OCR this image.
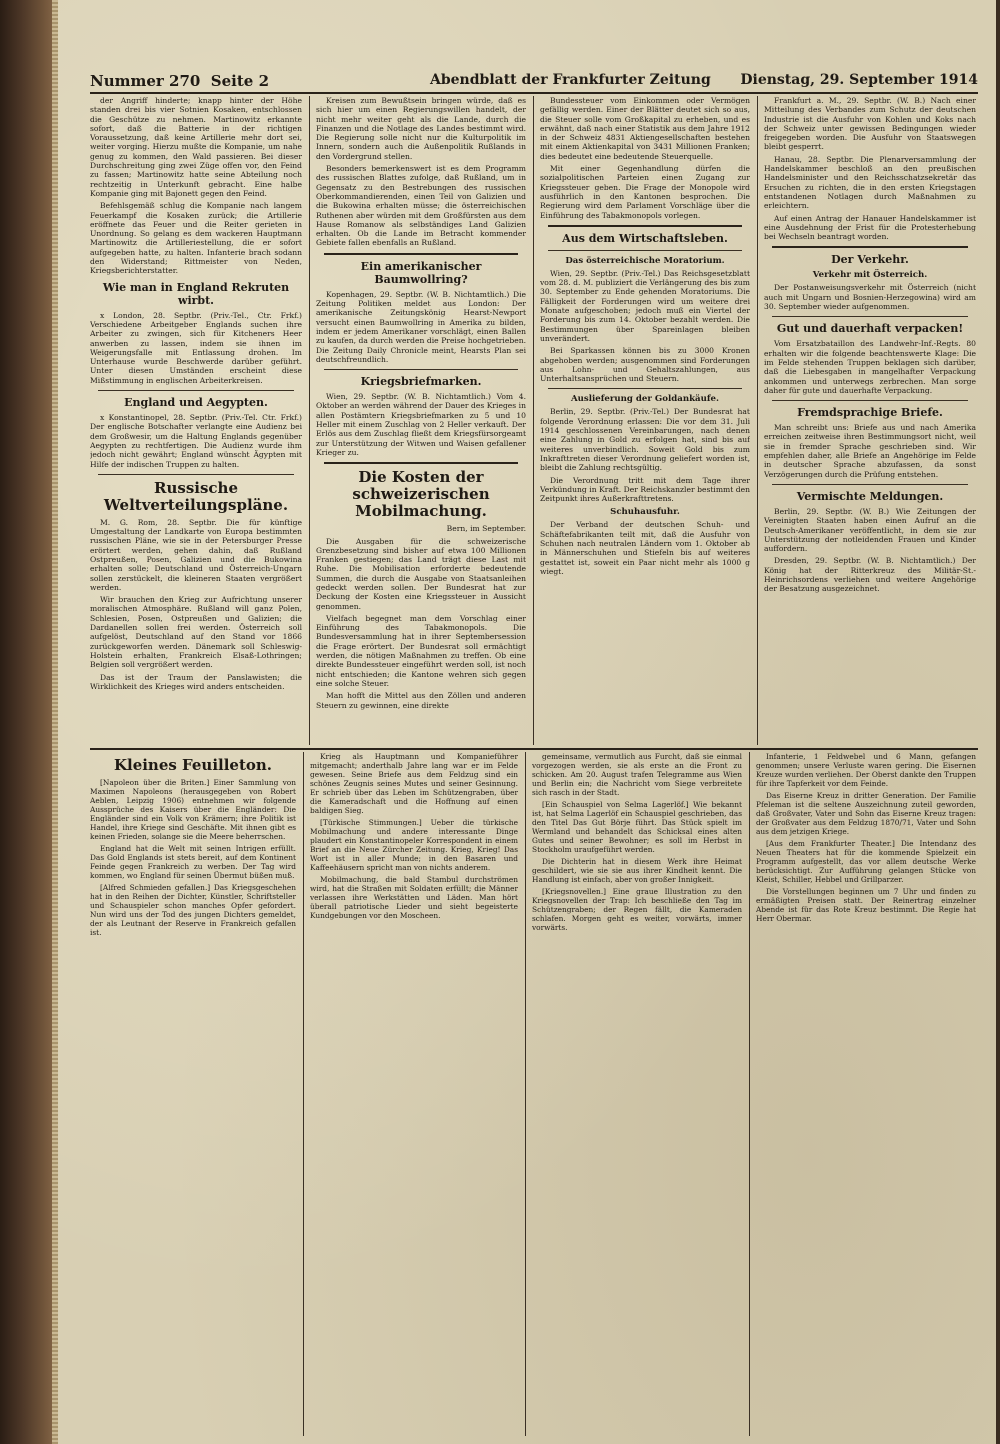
Nummer 270 Seite 2	Abendblatt der Frankfurter Zeitung Dienstag, 29. September 1914

der Angriff hinderte; knapp hinter der Höhe standen drei bis vier Sotnien Kosaken, entschlossen die Geschütze zu nehmen. Martinowitz erkannte sofort, daß die Batterie in der richtigen Voraussetzung, daß keine Artillerie mehr dort sei, weiter vorging. Hierzu mußte die Kompanie, um nahe genug zu kommen, den Wald passieren. Bei dieser Durchschreitung ging zwei Züge offen vor, den Feind zu fassen; Martinowitz hatte seine Abteilung noch rechtzeitig in Unterkunft gebracht. Eine halbe Kompanie ging mit Bajonett gegen den Feind.

Befehlsgemäß schlug die Kompanie nach langem Feuerkampf die Kosaken zurück; die Artillerie eröffnete das Feuer und die Reiter gerieten in Unordnung. So gelang es dem wackeren Hauptmann Martinowitz die Artilleriestellung, die er sofort aufgegeben hatte, zu halten. Infanterie brach sodann den Widerstand; Rittmeister von Neden, Kriegsberichterstatter.

Wie man in England Rekruten wirbt.

x London, 28. Septbr. (Priv.-Tel., Ctr. Frkf.) Verschiedene Arbeitgeber Englands suchen ihre Arbeiter zu zwingen, sich für Kitcheners Heer anwerben zu lassen, indem sie ihnen im Weigerungsfalle mit Entlassung drohen. Im Unterhause wurde Beschwerde darüber geführt. Unter diesen Umständen erscheint diese Mißstimmung in englischen Arbeiterkreisen.

England und Aegypten.

x Konstantinopel, 28. Septbr. (Priv.-Tel. Ctr. Frkf.) Der englische Botschafter verlangte eine Audienz bei dem Großwesir, um die Haltung Englands gegenüber Aegypten zu rechtfertigen. Die Audienz wurde ihm jedoch nicht gewährt; England wünscht Ägypten mit Hilfe der indischen Truppen zu halten.

Russische Weltverteilungspläne.

M. G. Rom, 28. Septbr. Die für künftige Umgestaltung der Landkarte von Europa bestimmten russischen Pläne, wie sie in der Petersburger Presse erörtert werden, gehen dahin, daß Rußland Ostpreußen, Posen, Galizien und die Bukowina erhalten solle; Deutschland und Österreich-Ungarn sollen zerstückelt, die kleineren Staaten vergrößert werden.

Wir brauchen den Krieg zur Aufrichtung unserer moralischen Atmosphäre. Rußland will ganz Polen, Schlesien, Posen, Ostpreußen und Galizien; die Dardanellen sollen frei werden. Österreich soll aufgelöst, Deutschland auf den Stand vor 1866 zurückgeworfen werden. Dänemark soll Schleswig-Holstein erhalten, Frankreich Elsaß-Lothringen; Belgien soll vergrößert werden.

Das ist der Traum der Panslawisten; die Wirklichkeit des Krieges wird anders entscheiden.

Kreisen zum Bewußtsein bringen würde, daß es sich hier um einen Regierungswillen handelt, der nicht mehr weiter geht als die Lande, durch die Finanzen und die Notlage des Landes bestimmt wird. Die Regierung solle nicht nur die Kulturpolitik im Innern, sondern auch die Außenpolitik Rußlands in den Vordergrund stellen.

Besonders bemerkenswert ist es dem Programm des russischen Blattes zufolge, daß Rußland, um in Gegensatz zu den Bestrebungen des russischen Oberkommandierenden, einen Teil von Galizien und die Bukowina erhalten müsse; die österreichischen Ruthenen aber würden mit dem Großfürsten aus dem Hause Romanow als selbständiges Land Galizien erhalten. Ob die Lande im Betracht kommender Gebiete fallen ebenfalls an Rußland.

Ein amerikanischer Baumwollring?

Kopenhagen, 29. Septbr. (W. B. Nichtamtlich.) Die Zeitung Politiken meldet aus London: Der amerikanische Zeitungskönig Hearst-Newport versucht einen Baumwollring in Amerika zu bilden, indem er jedem Amerikaner vorschlägt, einen Ballen zu kaufen, da durch werden die Preise hochgetrieben. Die Zeitung Daily Chronicle meint, Hearsts Plan sei deutschfreundlich.

Kriegsbriefmarken.

Wien, 29. Septbr. (W. B. Nichtamtlich.) Vom 4. Oktober an werden während der Dauer des Krieges in allen Postämtern Kriegsbriefmarken zu 5 und 10 Heller mit einem Zuschlag von 2 Heller verkauft. Der Erlös aus dem Zuschlag fließt dem Kriegsfürsorgeamt zur Unterstützung der Witwen und Waisen gefallener Krieger zu.

Die Kosten der schweizerischen Mobilmachung.
Bern, im September.

Die Ausgaben für die schweizerische Grenzbesetzung sind bisher auf etwa 100 Millionen Franken gestiegen; das Land trägt diese Last mit Ruhe. Die Mobilisation erforderte bedeutende Summen, die durch die Ausgabe von Staatsanleihen gedeckt werden sollen. Der Bundesrat hat zur Deckung der Kosten eine Kriegssteuer in Aussicht genommen.

Vielfach begegnet man dem Vorschlag einer Einführung des Tabakmonopols. Die Bundesversammlung hat in ihrer Septembersession die Frage erörtert. Der Bundesrat soll ermächtigt werden, die nötigen Maßnahmen zu treffen. Ob eine direkte Bundessteuer eingeführt werden soll, ist noch nicht entschieden; die Kantone wehren sich gegen eine solche Steuer.

Man hofft die Mittel aus den Zöllen und anderen Steuern zu gewinnen, eine direkte

Bundessteuer vom Einkommen oder Vermögen gefällig werden. Einer der Blätter deutet sich so aus, die Steuer solle vom Großkapital zu erheben, und es erwähnt, daß nach einer Statistik aus dem Jahre 1912 in der Schweiz 4831 Aktiengesellschaften bestehen mit einem Aktienkapital von 3431 Millionen Franken; dies bedeutet eine bedeutende Steuerquelle.

Mit einer Gegenhandlung dürfen die sozialpolitischen Parteien einen Zugang zur Kriegssteuer geben. Die Frage der Monopole wird ausführlich in den Kantonen besprochen. Die Regierung wird dem Parlament Vorschläge über die Einführung des Tabakmonopols vorlegen.

Aus dem Wirtschaftsleben.
Das österreichische Moratorium.

Wien, 29. Septbr. (Priv.-Tel.) Das Reichsgesetzblatt vom 28. d. M. publiziert die Verlängerung des bis zum 30. September zu Ende gehenden Moratoriums. Die Fälligkeit der Forderungen wird um weitere drei Monate aufgeschoben; jedoch muß ein Viertel der Forderung bis zum 14. Oktober bezahlt werden. Die Bestimmungen über Spareinlagen bleiben unverändert.

Bei Sparkassen können bis zu 3000 Kronen abgehoben werden; ausgenommen sind Forderungen aus Lohn- und Gehaltszahlungen, aus Unterhaltsansprüchen und Steuern.

Auslieferung der Goldankäufe.

Berlin, 29. Septbr. (Priv.-Tel.) Der Bundesrat hat folgende Verordnung erlassen: Die vor dem 31. Juli 1914 geschlossenen Vereinbarungen, nach denen eine Zahlung in Gold zu erfolgen hat, sind bis auf weiteres unverbindlich. Soweit Gold bis zum Inkrafttreten dieser Verordnung geliefert worden ist, bleibt die Zahlung rechtsgültig.

Die Verordnung tritt mit dem Tage ihrer Verkündung in Kraft. Der Reichskanzler bestimmt den Zeitpunkt ihres Außerkrafttretens.

Schuhausfuhr.

Der Verband der deutschen Schuh- und Schäftefabrikanten teilt mit, daß die Ausfuhr von Schuhen nach neutralen Ländern vom 1. Oktober ab in Männerschuhen und Stiefeln bis auf weiteres gestattet ist, soweit ein Paar nicht mehr als 1000 g wiegt.

Frankfurt a. M., 29. Septbr. (W. B.) Nach einer Mitteilung des Verbandes zum Schutz der deutschen Industrie ist die Ausfuhr von Kohlen und Koks nach der Schweiz unter gewissen Bedingungen wieder freigegeben worden. Die Ausfuhr von Staatswegen bleibt gesperrt.

Hanau, 28. Septbr. Die Plenarversammlung der Handelskammer beschloß an den preußischen Handelsminister und den Reichsschatzsekretär das Ersuchen zu richten, die in den ersten Kriegstagen entstandenen Notlagen durch Maßnahmen zu erleichtern.

Auf einen Antrag der Hanauer Handelskammer ist eine Ausdehnung der Frist für die Protesterhebung bei Wechseln beantragt worden.

Der Verkehr.
Verkehr mit Österreich.

Der Postanweisungsverkehr mit Österreich (nicht auch mit Ungarn und Bosnien-Herzegowina) wird am 30. September wieder aufgenommen.

Gut und dauerhaft verpacken!

Vom Ersatzbataillon des Landwehr-Inf.-Regts. 80 erhalten wir die folgende beachtenswerte Klage: Die im Felde stehenden Truppen beklagen sich darüber, daß die Liebesgaben in mangelhafter Verpackung ankommen und unterwegs zerbrechen. Man sorge daher für gute und dauerhafte Verpackung.

Fremdsprachige Briefe.

Man schreibt uns: Briefe aus und nach Amerika erreichen zeitweise ihren Bestimmungsort nicht, weil sie in fremder Sprache geschrieben sind. Wir empfehlen daher, alle Briefe an Angehörige im Felde in deutscher Sprache abzufassen, da sonst Verzögerungen durch die Prüfung entstehen.

Vermischte Meldungen.

Berlin, 29. Septbr. (W. B.) Wie Zeitungen der Vereinigten Staaten haben einen Aufruf an die Deutsch-Amerikaner veröffentlicht, in dem sie zur Unterstützung der notleidenden Frauen und Kinder auffordern.

Dresden, 29. Septbr. (W. B. Nichtamtlich.) Der König hat der Ritterkreuz des Militär-St.-Heinrichsordens verliehen und weitere Angehörige der Besatzung ausgezeichnet.

Kleines Feuilleton.

[Napoleon über die Briten.] Einer Sammlung von Maximen Napoleons (herausgegeben von Robert Aeblen, Leipzig 1906) entnehmen wir folgende Aussprüche des Kaisers über die Engländer: Die Engländer sind ein Volk von Krämern; ihre Politik ist Handel, ihre Kriege sind Geschäfte. Mit ihnen gibt es keinen Frieden, solange sie die Meere beherrschen.

England hat die Welt mit seinen Intrigen erfüllt. Das Gold Englands ist stets bereit, auf dem Kontinent Feinde gegen Frankreich zu werben. Der Tag wird kommen, wo England für seinen Übermut büßen muß.

[Alfred Schmieden gefallen.] Das Kriegsgeschehen hat in den Reihen der Dichter, Künstler, Schriftsteller und Schauspieler schon manches Opfer gefordert. Nun wird uns der Tod des jungen Dichters gemeldet, der als Leutnant der Reserve in Frankreich gefallen ist.

Krieg als Hauptmann und Kompanieführer mitgemacht; anderthalb Jahre lang war er im Felde gewesen. Seine Briefe aus dem Feldzug sind ein schönes Zeugnis seines Mutes und seiner Gesinnung. Er schrieb über das Leben im Schützengraben, über die Kameradschaft und die Hoffnung auf einen baldigen Sieg.

[Türkische Stimmungen.] Ueber die türkische Mobilmachung und andere interessante Dinge plaudert ein Konstantinopeler Korrespondent in einem Brief an die Neue Zürcher Zeitung. Krieg, Krieg! Das Wort ist in aller Munde; in den Basaren und Kaffeehäusern spricht man von nichts anderem.

Mobilmachung, die bald Stambul durchströmen wird, hat die Straßen mit Soldaten erfüllt; die Männer verlassen ihre Werkstätten und Läden. Man hört überall patriotische Lieder und sieht begeisterte Kundgebungen vor den Moscheen.

gemeinsame, vermutlich aus Furcht, daß sie einmal vorgezogen werden, sie als erste an die Front zu schicken. Am 20. August trafen Telegramme aus Wien und Berlin ein; die Nachricht vom Siege verbreitete sich rasch in der Stadt.

[Ein Schauspiel von Selma Lagerlöf.] Wie bekannt ist, hat Selma Lagerlöf ein Schauspiel geschrieben, das den Titel Das Gut Börje führt. Das Stück spielt im Wermland und behandelt das Schicksal eines alten Gutes und seiner Bewohner; es soll im Herbst in Stockholm uraufgeführt werden.

Die Dichterin hat in diesem Werk ihre Heimat geschildert, wie sie sie aus ihrer Kindheit kennt. Die Handlung ist einfach, aber von großer Innigkeit.

[Kriegsnovellen.] Eine graue Illustration zu den Kriegsnovellen der Trap: Ich beschließe den Tag im Schützengraben; der Regen fällt, die Kameraden schlafen. Morgen geht es weiter, vorwärts, immer vorwärts.

Infanterie, 1 Feldwebel und 6 Mann, gefangen genommen; unsere Verluste waren gering. Die Eisernen Kreuze wurden verliehen. Der Oberst dankte den Truppen für ihre Tapferkeit vor dem Feinde.

Das Eiserne Kreuz in dritter Generation. Der Familie Pfeleman ist die seltene Auszeichnung zuteil geworden, daß Großvater, Vater und Sohn das Eiserne Kreuz tragen: der Großvater aus dem Feldzug 1870/71, Vater und Sohn aus dem jetzigen Kriege.

[Aus dem Frankfurter Theater.] Die Intendanz des Neuen Theaters hat für die kommende Spielzeit ein Programm aufgestellt, das vor allem deutsche Werke berücksichtigt. Zur Aufführung gelangen Stücke von Kleist, Schiller, Hebbel und Grillparzer.

Die Vorstellungen beginnen um 7 Uhr und finden zu ermäßigten Preisen statt. Der Reinertrag einzelner Abende ist für das Rote Kreuz bestimmt. Die Regie hat Herr Obermar.
